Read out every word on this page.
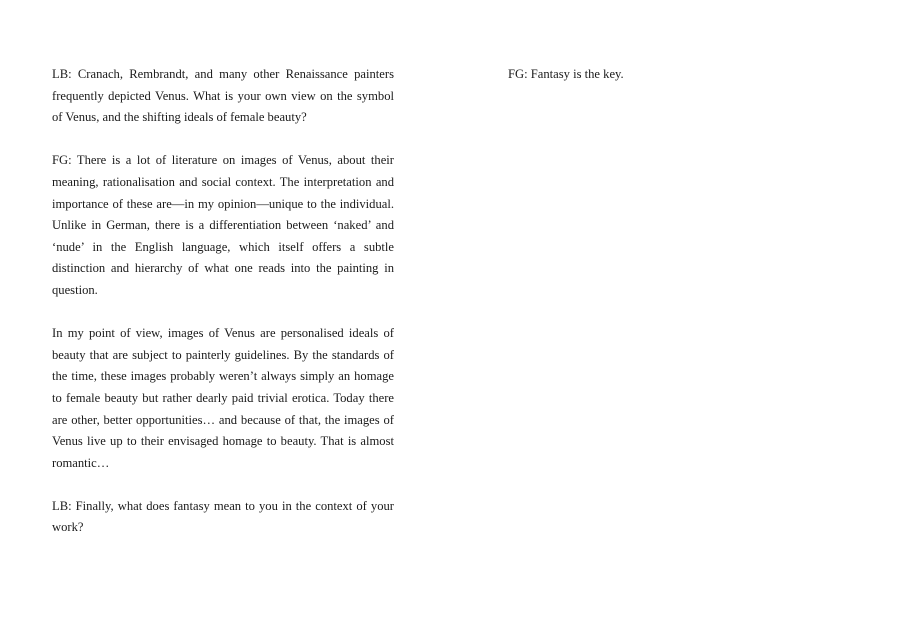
LB: Cranach, Rembrandt, and many other Renaissance painters frequently depicted Venus. What is your own view on the symbol of Venus, and the shifting ideals of female beauty?

FG: There is a lot of literature on images of Venus, about their meaning, rationalisation and social context. The interpretation and importance of these are—in my opinion—unique to the individual. Unlike in German, there is a differentiation between ‘naked’ and ‘nude’ in the English language, which itself offers a subtle distinction and hierarchy of what one reads into the painting in question.

In my point of view, images of Venus are personalised ideals of beauty that are subject to painterly guidelines. By the standards of the time, these images probably weren’t always simply an homage to female beauty but rather dearly paid trivial erotica. Today there are other, better opportunities… and because of that, the images of Venus live up to their envisaged homage to beauty. That is almost romantic…

LB: Finally, what does fantasy mean to you in the context of your work?

FG: Fantasy is the key.
